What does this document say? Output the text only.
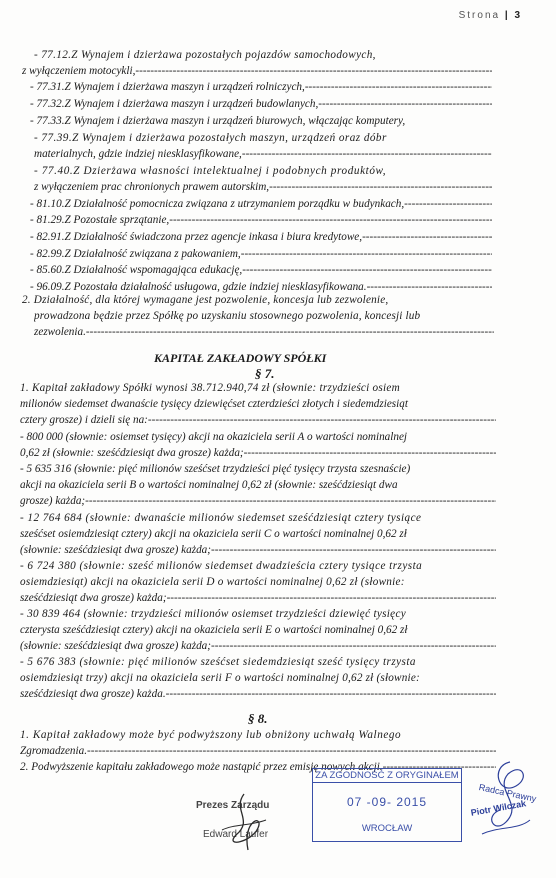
Strona | 3
- 77.12.Z Wynajem i dzierżawa pozostałych pojazdów samochodowych,
z wyłączeniem motocykli, -----
- 77.31.Z Wynajem i dzierżawa maszyn i urządzeń rolniczych, -----
- 77.32.Z Wynajem i dzierżawa maszyn i urządzeń budowlanych, -----
- 77.33.Z Wynajem i dzierżawa maszyn i urządzeń biurowych, włączając komputery,
- 77.39.Z Wynajem i dzierżawa pozostałych maszyn, urządzeń oraz dóbr
materialnych, gdzie indziej niesklasyfikowane, -----
- 77.40.Z Dzierżawa własności intelektualnej i podobnych produktów,
z wyłączeniem prac chronionych prawem autorskim, -----
- 81.10.Z Działalność pomocnicza związana z utrzymaniem porządku w budynkach, -----
- 81.29.Z Pozostałe sprzątanie, -----
- 82.91.Z Działalność świadczona przez agencje inkasa i biura kredytowe, -----
- 82.99.Z Działalność związana z pakowaniem, -----
- 85.60.Z Działalność wspomagająca edukację, -----
- 96.09.Z Pozostała działalność usługowa, gdzie indziej niesklasyfikowana. -----
2. Działalność, dla której wymagane jest pozwolenie, koncesja lub zezwolenie,
prowadzona będzie przez Spółkę po uzyskaniu stosownego pozwolenia, koncesji lub
zezwolenia. -----
KAPITAŁ ZAKŁADOWY SPÓŁKI
§ 7.
1. Kapitał zakładowy Spółki wynosi 38.712.940,74 zł (słownie: trzydzieści osiem
milionów siedemset dwanaście tysięcy dziewięćset czterdzieści złotych i siedemdziesiąt
cztery grosze) i dzieli się na: -----
- 800 000 (słownie: osiemset tysięcy) akcji na okaziciela serii A o wartości nominalnej
0,62 zł (słownie: sześćdziesiąt dwa grosze) każda; -----
- 5 635 316 (słownie: pięć milionów sześćset trzydzieści pięć tysięcy trzysta szesnaście)
akcji na okaziciela serii B o wartości nominalnej 0,62 zł (słownie: sześćdziesiąt dwa
grosze) każda; -----
- 12 764 684 (słownie: dwanaście milionów siedemset sześćdziesiąt cztery tysiące
sześćset osiemdziesiąt cztery) akcji na okaziciela serii C o wartości nominalnej 0,62 zł
(słownie: sześćdziesiąt dwa grosze) każda; -----
- 6 724 380 (słownie: sześć milionów siedemset dwadzieścia cztery tysiące trzysta
osiemdziesiąt) akcji na okaziciela serii D o wartości nominalnej 0,62 zł (słownie:
sześćdziesiąt dwa grosze) każda; -----
- 30 839 464 (słownie: trzydzieści milionów osiemset trzydzieści dziewięć tysięcy
czterysta sześćdziesiąt cztery) akcji na okaziciela serii E o wartości nominalnej 0,62 zł
(słownie: sześćdziesiąt dwa grosze) każda; -----
- 5 676 383 (słownie: pięć milionów sześćset siedemdziesiąt sześć tysięcy trzysta
osiemdziesiąt trzy) akcji na okaziciela serii F o wartości nominalnej 0,62 zł (słownie:
sześćdziesiąt dwa grosze) każda. -----
§ 8.
1. Kapitał zakładowy może być podwyższony lub obniżony uchwałą Walnego
Zgromadzenia. -----
2. Podwyższenie kapitału zakładowego może nastąpić przez emisję nowych akcji. -----
Prezes Zarządu
Edward Laufer
ZA ZGODNOŚĆ Z ORYGINAŁEM
07 -09- 2015
WROCŁAW
Radca Prawny
Piotr Wilczak
